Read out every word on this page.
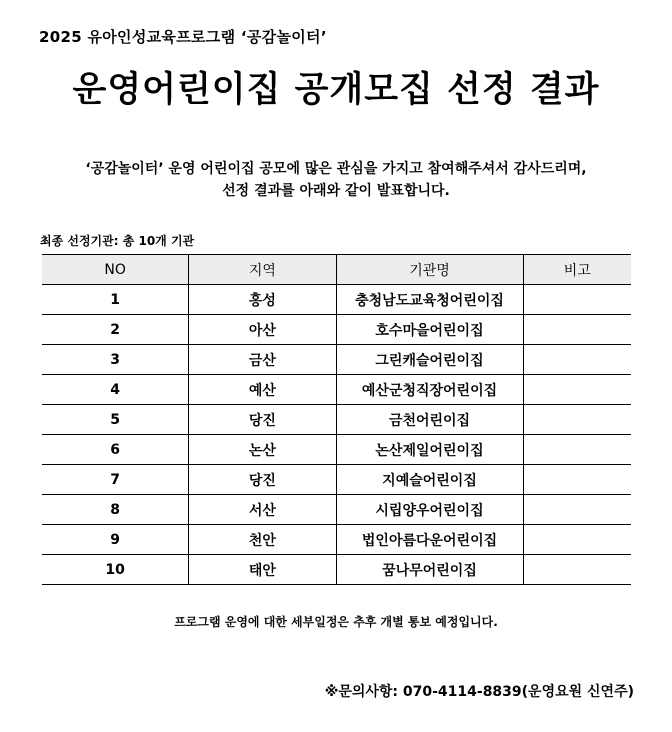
2025 유아인성교육프로그램 ‘공감놀이터’
운영어린이집 공개모집 선정 결과
‘공감놀이터’ 운영 어린이집 공모에 많은 관심을 가지고 참여해주셔서 감사드리며,
선정 결과를 아래와 같이 발표합니다.
최종 선정기관: 총 10개 기관
NO	지역	기관명	비고
1	홍성	충청남도교육청어린이집	
2	아산	호수마을어린이집	
3	금산	그린캐슬어린이집	
4	예산	예산군청직장어린이집	
5	당진	금천어린이집	
6	논산	논산제일어린이집	
7	당진	지예슬어린이집	
8	서산	시립양우어린이집	
9	천안	법인아름다운어린이집	
10	태안	꿈나무어린이집	
프로그램 운영에 대한 세부일정은 추후 개별 통보 예정입니다.
※문의사항: 070-4114-8839(운영요원 신연주)
